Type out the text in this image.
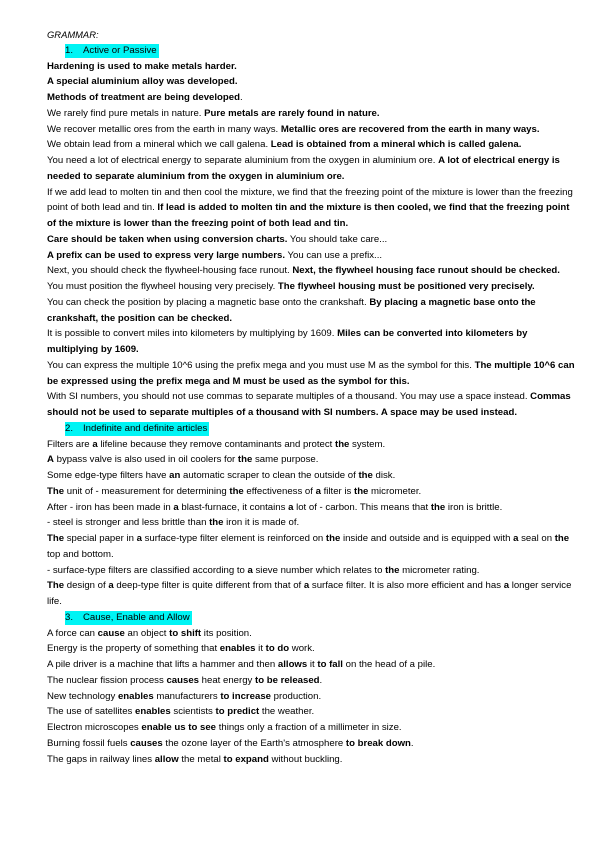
GRAMMAR:

1. Active or Passive

Hardening is used to make metals harder.

A special aluminium alloy was developed.

Methods of treatment are being developed.

We rarely find pure metals in nature. Pure metals are rarely found in nature.

We recover metallic ores from the earth in many ways. Metallic ores are recovered from the earth in many ways.

We obtain lead from a mineral which we call galena. Lead is obtained from a mineral which is called galena.

You need a lot of electrical energy to separate aluminium from the oxygen in aluminium ore. A lot of electrical energy is needed to separate aluminium from the oxygen in aluminium ore.

If we add lead to molten tin and then cool the mixture, we find that the freezing point of the mixture is lower than the freezing point of both lead and tin. If lead is added to molten tin and the mixture is then cooled, we find that the freezing point of the mixture is lower than the freezing point of both lead and tin.

Care should be taken when using conversion charts. You should take care...

A prefix can be used to express very large numbers. You can use a prefix...

Next, you should check the flywheel-housing face runout. Next, the flywheel housing face runout should be checked.

You must position the flywheel housing very precisely. The flywheel housing must be positioned very precisely.

You can check the position by placing a magnetic base onto the crankshaft. By placing a magnetic base onto the crankshaft, the position can be checked.

It is possible to convert miles into kilometers by multiplying by 1609. Miles can be converted into kilometers by multiplying by 1609.

You can express the multiple 10^6 using the prefix mega and you must use M as the symbol for this. The multiple 10^6 can be expressed using the prefix mega and M must be used as the symbol for this.

With SI numbers, you should not use commas to separate multiples of a thousand. You may use a space instead. Commas should not be used to separate multiples of a thousand with SI numbers. A space may be used instead.

2. Indefinite and definite articles

Filters are a lifeline because they remove contaminants and protect the system.

A bypass valve is also used in oil coolers for the same purpose.

Some edge-type filters have an automatic scraper to clean the outside of the disk.

The unit of - measurement for determining the effectiveness of a filter is the micrometer.

After - iron has been made in a blast-furnace, it contains a lot of - carbon. This means that the iron is brittle.

- steel is stronger and less brittle than the iron it is made of.

The special paper in a surface-type filter element is reinforced on the inside and outside and is equipped with a seal on the top and bottom.

- surface-type filters are classified according to a sieve number which relates to the micrometer rating.

The design of a deep-type filter is quite different from that of a surface filter. It is also more efficient and has a longer service life.

3. Cause, Enable and Allow

A force can cause an object to shift its position.

Energy is the property of something that enables it to do work.

A pile driver is a machine that lifts a hammer and then allows it to fall on the head of a pile.

The nuclear fission process causes heat energy to be released.

New technology enables manufacturers to increase production.

The use of satellites enables scientists to predict the weather.

Electron microscopes enable us to see things only a fraction of a millimeter in size.

Burning fossil fuels causes the ozone layer of the Earth's atmosphere to break down.

The gaps in railway lines allow the metal to expand without buckling.
